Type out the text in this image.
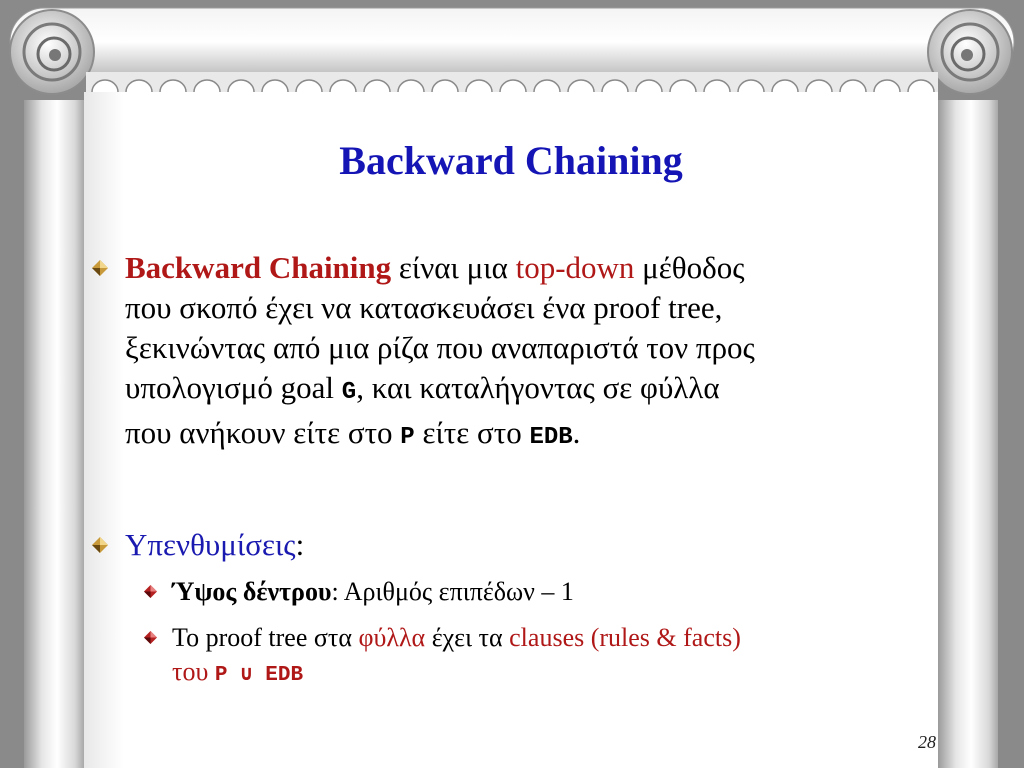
Backward Chaining
Backward Chaining είναι μια top-down μέθοδος
που σκοπό έχει να κατασκευάσει ένα proof tree,
ξεκινώντας από μια ρίζα που αναπαριστά τον προς
υπολογισμό goal G, και καταλήγοντας σε φύλλα
που ανήκουν είτε στο P είτε στο EDB.
Υπενθυμίσεις:
Ύψος δέντρου: Αριθμός επιπέδων – 1
Το proof tree στα φύλλα έχει τα clauses (rules & facts)
του P ∪ EDB
28
